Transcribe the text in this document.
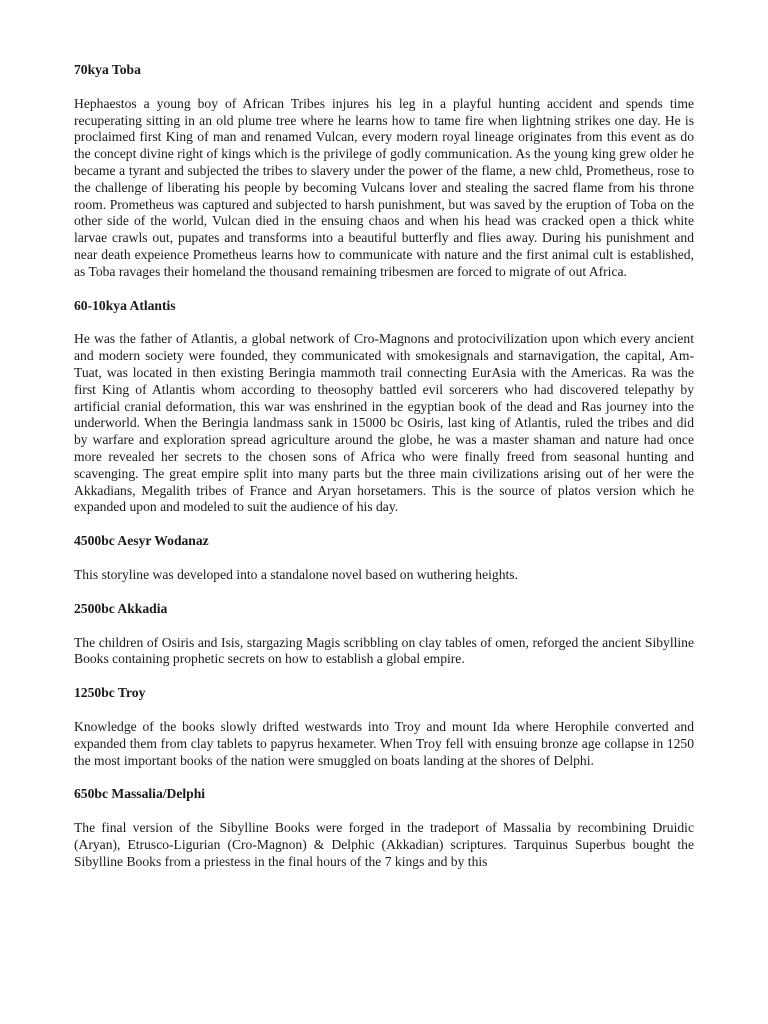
70kya Toba
Hephaestos a young boy of African Tribes injures his leg in a playful hunting accident and spends time recuperating sitting in an old plume tree where he learns how to tame fire when lightning strikes one day. He is proclaimed first King of man and renamed Vulcan, every modern royal lineage originates from this event as do the concept divine right of kings which is the privilege of godly communication. As the young king grew older he became a tyrant and subjected the tribes to slavery under the power of the flame, a new chld, Prometheus, rose to the challenge of liberating his people by becoming Vulcans lover and stealing the sacred flame from his throne room. Prometheus was captured and subjected to harsh punishment, but was saved by the eruption of Toba on the other side of the world, Vulcan died in the ensuing chaos and when his head was cracked open a thick white larvae crawls out, pupates and transforms into a beautiful butterfly and flies away. During his punishment and near death expeience Prometheus learns how to communicate with nature and the first animal cult is established, as Toba ravages their homeland the thousand remaining tribesmen are forced to migrate of out Africa.
60-10kya Atlantis
He was the father of Atlantis, a global network of Cro-Magnons and protocivilization upon which every ancient and modern society were founded, they communicated with smokesignals and starnavigation, the capital, Am-Tuat, was located in then existing Beringia mammoth trail connecting EurAsia with the Americas. Ra was the first King of Atlantis whom according to theosophy battled evil sorcerers who had discovered telepathy by artificial cranial deformation, this war was enshrined in the egyptian book of the dead and Ras journey into the underworld. When the Beringia landmass sank in 15000 bc Osiris, last king of Atlantis, ruled the tribes and did by warfare and exploration spread agriculture around the globe, he was a master shaman and nature had once more revealed her secrets to the chosen sons of Africa who were finally freed from seasonal hunting and scavenging. The great empire split into many parts but the three main civilizations arising out of her were the Akkadians, Megalith tribes of France and Aryan horsetamers. This is the source of platos version which he expanded upon and modeled to suit the audience of his day.
4500bc Aesyr Wodanaz
This storyline was developed into a standalone novel based on wuthering heights.
2500bc Akkadia
The children of Osiris and Isis, stargazing Magis scribbling on clay tables of omen, reforged the ancient Sibylline Books containing prophetic secrets on how to establish a global empire.
1250bc Troy
Knowledge of the books slowly drifted westwards into Troy and mount Ida where Herophile converted and expanded them from clay tablets to papyrus hexameter. When Troy fell with ensuing bronze age collapse in 1250 the most important books of the nation were smuggled on boats landing at the shores of Delphi.
650bc Massalia/Delphi
The final version of the Sibylline Books were forged in the tradeport of Massalia by recombining Druidic (Aryan), Etrusco-Ligurian (Cro-Magnon) & Delphic (Akkadian) scriptures. Tarquinus Superbus bought the Sibylline Books from a priestess in the final hours of the 7 kings and by this
